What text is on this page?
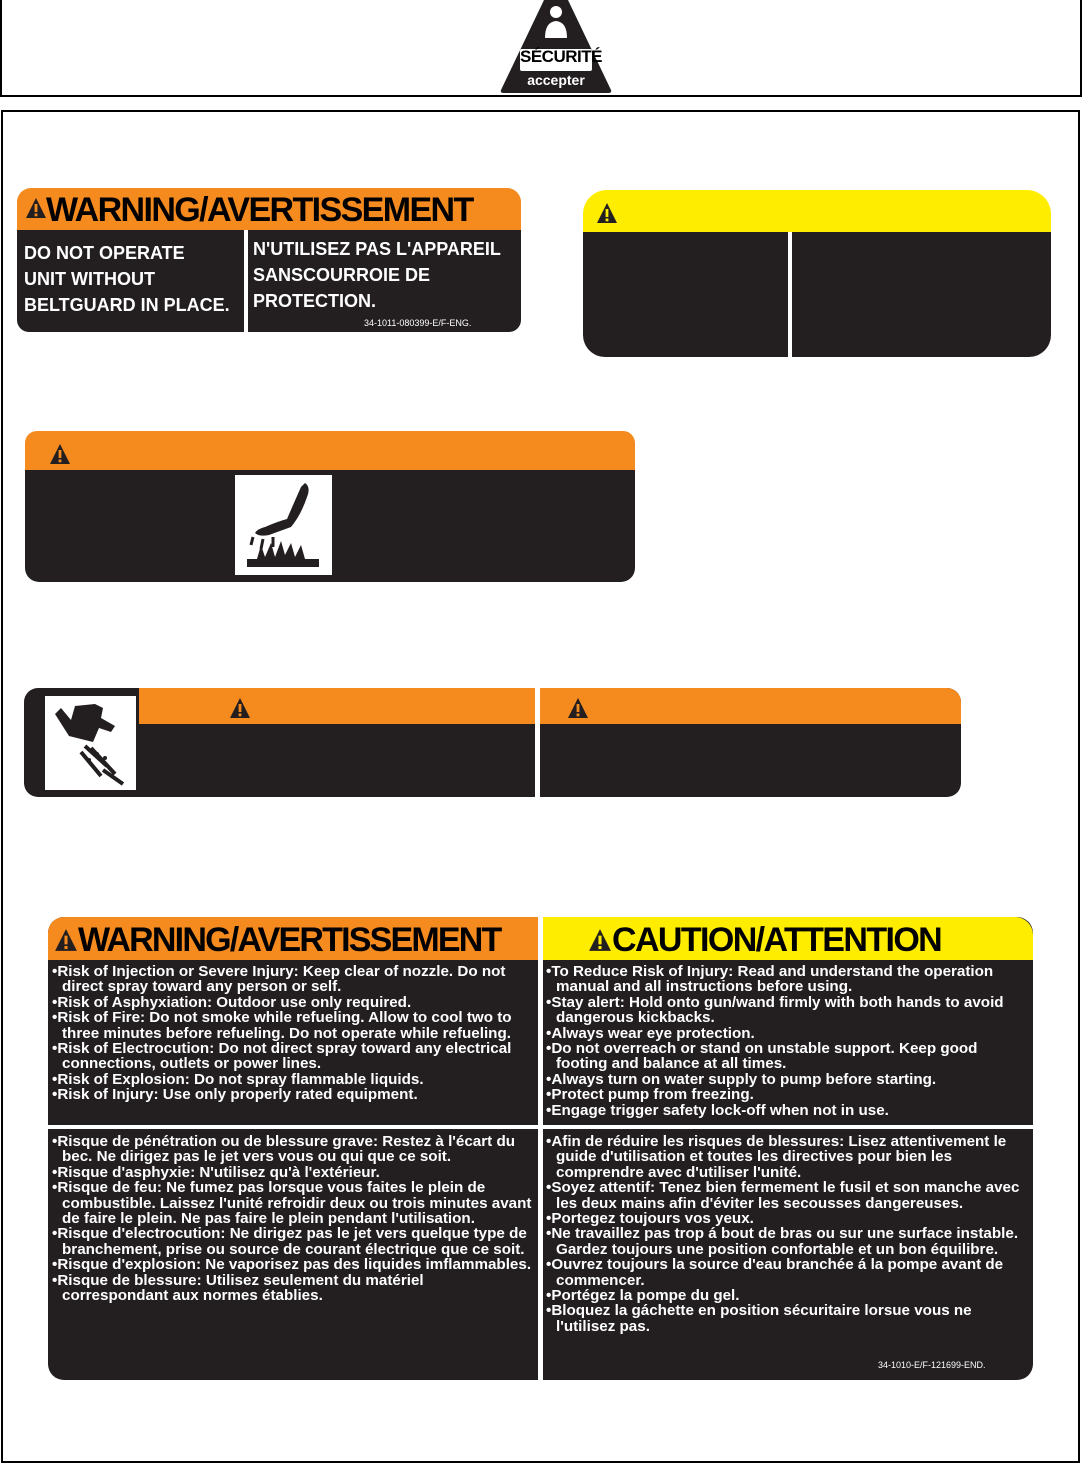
SÉCURITÉ
accepter
WARNING/AVERTISSEMENT
DO NOT OPERATE
UNIT WITHOUT
BELTGUARD IN PLACE.
N'UTILISEZ PAS L'APPAREIL
SANSCOURROIE DE
PROTECTION.
34-1011-080399-E/F-ENG.
WARNING/AVERTISSEMENT	CAUTION/ATTENTION
•Risk of Injection or Severe Injury: Keep clear of nozzle. Do not direct spray toward any person or self.
•Risk of Asphyxiation: Outdoor use only required.
•Risk of Fire: Do not smoke while refueling. Allow to cool two to three minutes before refueling. Do not operate while refueling.
•Risk of Electrocution: Do not direct spray toward any electrical connections, outlets or power lines.
•Risk of Explosion: Do not spray flammable liquids.
•Risk of Injury: Use only properly rated equipment.
•To Reduce Risk of Injury: Read and understand the operation manual and all instructions before using.
•Stay alert: Hold onto gun/wand firmly with both hands to avoid dangerous kickbacks.
•Always wear eye protection.
•Do not overreach or stand on unstable support. Keep good footing and balance at all times.
•Always turn on water supply to pump before starting.
•Protect pump from freezing.
•Engage trigger safety lock-off when not in use.
•Risque de pénétration ou de blessure grave: Restez à l'écart du bec. Ne dirigez pas le jet vers vous ou qui que ce soit.
•Risque d'asphyxie: N'utilisez qu'à l'extérieur.
•Risque de feu: Ne fumez pas lorsque vous faites le plein de combustible. Laissez l'unité refroidir deux ou trois minutes avant de faire le plein. Ne pas faire le plein pendant l'utilisation.
•Risque d'electrocution: Ne dirigez pas le jet vers quelque type de branchement, prise ou source de courant électrique que ce soit.
•Risque d'explosion: Ne vaporisez pas des liquides imflammables.
•Risque de blessure: Utilisez seulement du matériel correspondant aux normes établies.
•Afin de réduire les risques de blessures: Lisez attentivement le guide d'utilisation et toutes les directives pour bien les comprendre avec d'utiliser l'unité.
•Soyez attentif: Tenez bien fermement le fusil et son manche avec les deux mains afin d'éviter les secousses dangereuses.
•Portegez toujours vos yeux.
•Ne travaillez pas trop á bout de bras ou sur une surface instable. Gardez toujours une position confortable et un bon équilibre.
•Ouvrez toujours la source d'eau branchée á la pompe avant de commencer.
•Portégez la pompe du gel.
•Bloquez la gáchette en position sécuritaire lorsue vous ne l'utilisez pas.
34-1010-E/F-121699-END.
